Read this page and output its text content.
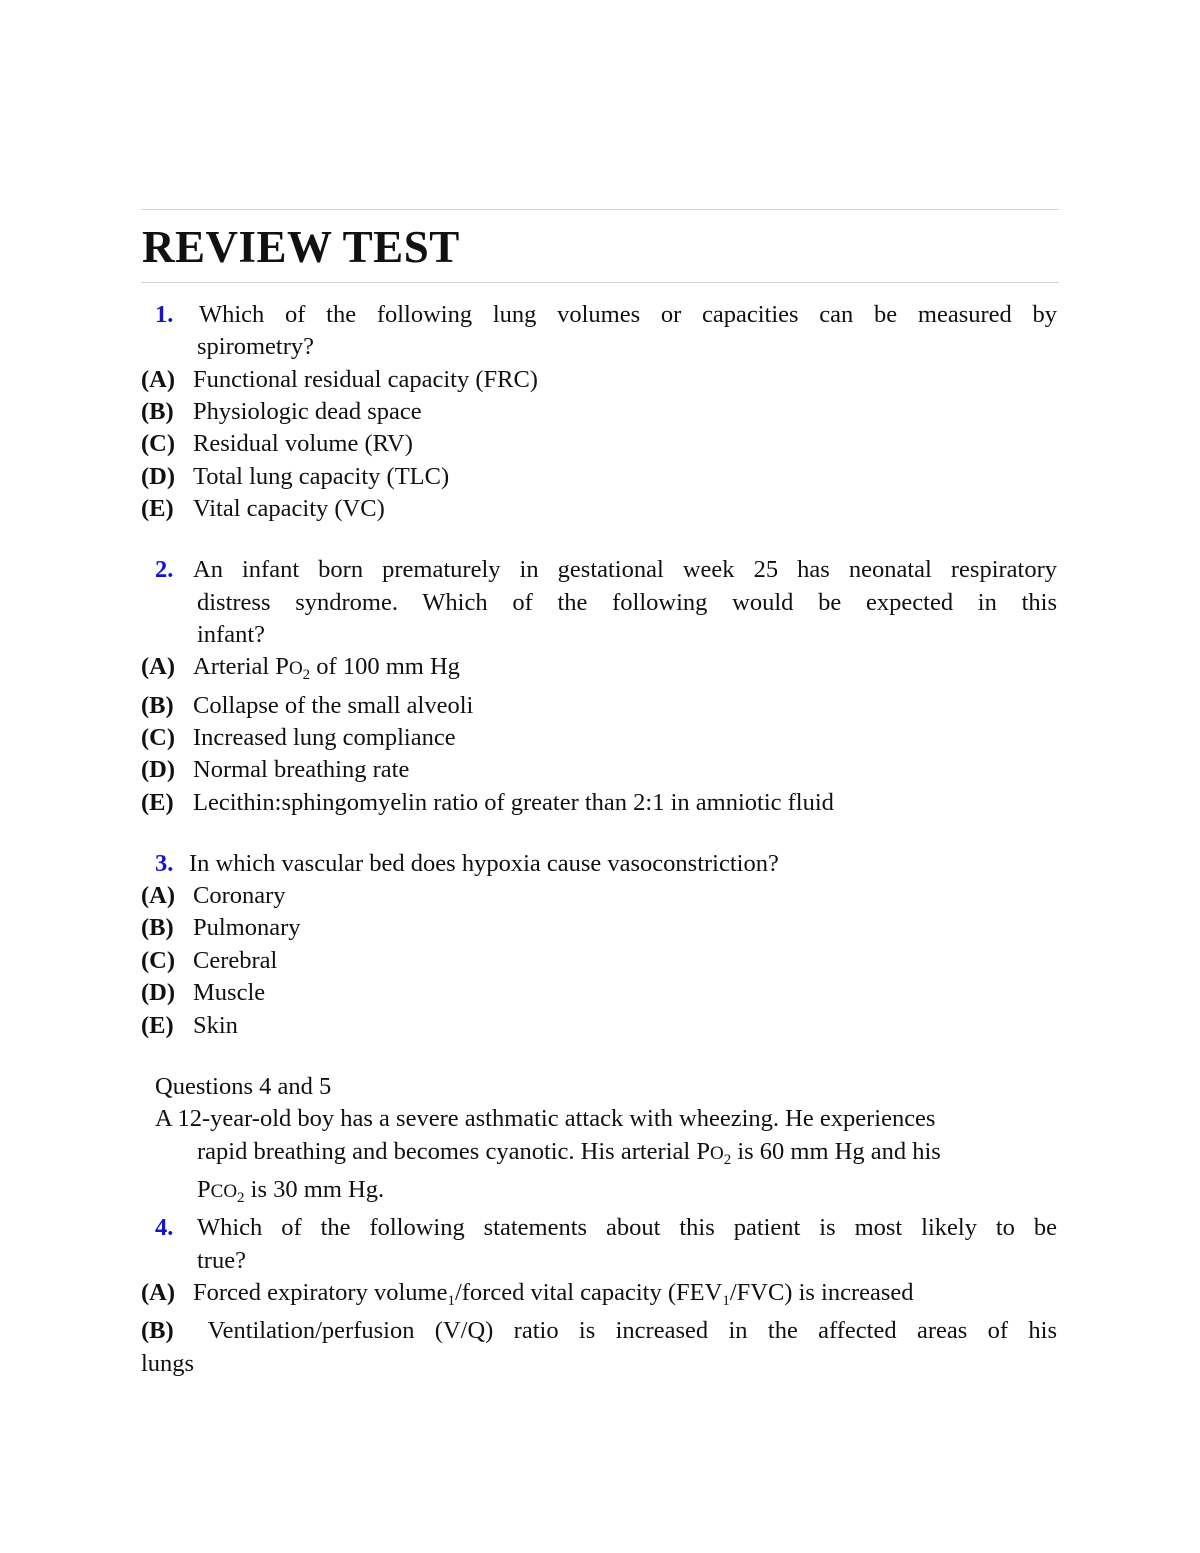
REVIEW TEST
1. Which of the following lung volumes or capacities can be measured by
spirometry?
(A) Functional residual capacity (FRC)
(B) Physiologic dead space
(C) Residual volume (RV)
(D) Total lung capacity (TLC)
(E) Vital capacity (VC)
2. An infant born prematurely in gestational week 25 has neonatal respiratory
distress syndrome. Which of the following would be expected in this
infant?
(A) Arterial $PO_2$ of 100 mm Hg
(B) Collapse of the small alveoli
(C) Increased lung compliance
(D) Normal breathing rate
(E) Lecithin:sphingomyelin ratio of greater than 2:1 in amniotic fluid
3. In which vascular bed does hypoxia cause vasoconstriction?
(A) Coronary
(B) Pulmonary
(C) Cerebral
(D) Muscle
(E) Skin
Questions 4 and 5
A 12-year-old boy has a severe asthmatic attack with wheezing. He experiences
rapid breathing and becomes cyanotic. His arterial $PO_2$ is 60 mm Hg and his
$PCO_2$ is 30 mm Hg.
4. Which of the following statements about this patient is most likely to be
true?
(A) Forced expiratory volume$_1$/forced vital capacity $(FEV_1/FVC)$ is increased
(B) Ventilation/perfusion (V/Q) ratio is increased in the affected areas of his
lungs
